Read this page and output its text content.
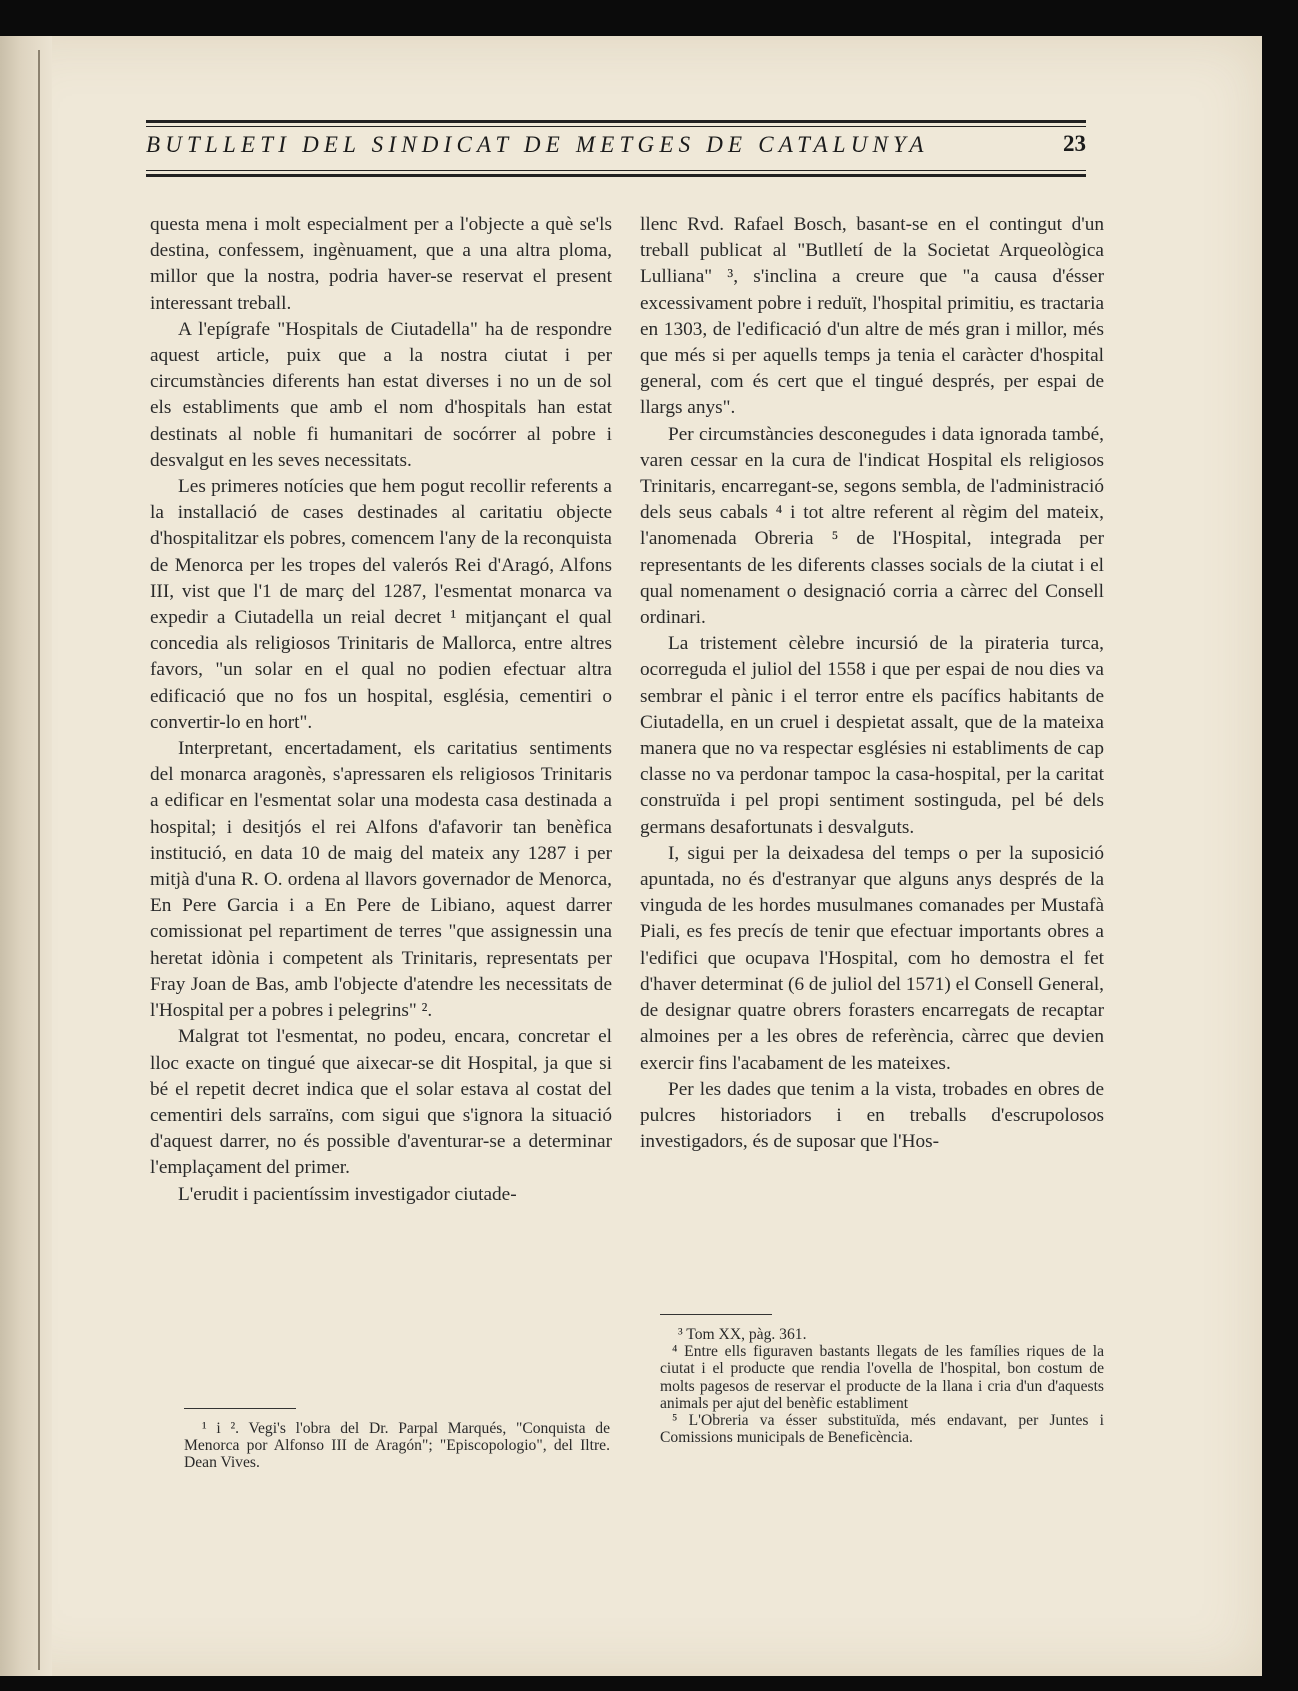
BUTLLETI DEL SINDICAT DE METGES DE CATALUNYA	23

questa mena i molt especialment per a l'objecte a què se'ls destina, confessem, ingènuament, que a una altra ploma, millor que la nostra, podria haver-se reservat el present interessant treball.

A l'epígrafe "Hospitals de Ciutadella" ha de respondre aquest article, puix que a la nostra ciutat i per circumstàncies diferents han estat diverses i no un de sol els establiments que amb el nom d'hospitals han estat destinats al noble fi humanitari de socórrer al pobre i desvalgut en les seves necessitats.

Les primeres notícies que hem pogut recollir referents a la installació de cases destinades al caritatiu objecte d'hospitalitzar els pobres, comencem l'any de la reconquista de Menorca per les tropes del valerós Rei d'Aragó, Alfons III, vist que l'1 de març del 1287, l'esmentat monarca va expedir a Ciutadella un reial decret ¹ mitjançant el qual concedia als religiosos Trinitaris de Mallorca, entre altres favors, "un solar en el qual no podien efectuar altra edificació que no fos un hospital, església, cementiri o convertir-lo en hort".

Interpretant, encertadament, els caritatius sentiments del monarca aragonès, s'apressaren els religiosos Trinitaris a edificar en l'esmentat solar una modesta casa destinada a hospital; i desitjós el rei Alfons d'afavorir tan benèfica institució, en data 10 de maig del mateix any 1287 i per mitjà d'una R. O. ordena al llavors governador de Menorca, En Pere Garcia i a En Pere de Libiano, aquest darrer comissionat pel repartiment de terres "que assignessin una heretat idònia i competent als Trinitaris, representats per Fray Joan de Bas, amb l'objecte d'atendre les necessitats de l'Hospital per a pobres i pelegrins" ².

Malgrat tot l'esmentat, no podeu, encara, concretar el lloc exacte on tingué que aixecar-se dit Hospital, ja que si bé el repetit decret indica que el solar estava al costat del cementiri dels sarraïns, com sigui que s'ignora la situació d'aquest darrer, no és possible d'aventurar-se a determinar l'emplaçament del primer.

L'erudit i pacientíssim investigador ciutade-

¹ i ². Vegi's l'obra del Dr. Parpal Marqués, "Conquista de Menorca por Alfonso III de Aragón"; "Episcopologio", del Iltre. Dean Vives.

llenc Rvd. Rafael Bosch, basant-se en el contingut d'un treball publicat al "Butlletí de la Societat Arqueològica Lulliana" ³, s'inclina a creure que "a causa d'ésser excessivament pobre i reduït, l'hospital primitiu, es tractaria en 1303, de l'edificació d'un altre de més gran i millor, més que més si per aquells temps ja tenia el caràcter d'hospital general, com és cert que el tingué després, per espai de llargs anys".

Per circumstàncies desconegudes i data ignorada també, varen cessar en la cura de l'indicat Hospital els religiosos Trinitaris, encarregant-se, segons sembla, de l'administració dels seus cabals ⁴ i tot altre referent al règim del mateix, l'anomenada Obreria ⁵ de l'Hospital, integrada per representants de les diferents classes socials de la ciutat i el qual nomenament o designació corria a càrrec del Consell ordinari.

La tristement cèlebre incursió de la pirateria turca, ocorreguda el juliol del 1558 i que per espai de nou dies va sembrar el pànic i el terror entre els pacífics habitants de Ciutadella, en un cruel i despietat assalt, que de la mateixa manera que no va respectar esglésies ni establiments de cap classe no va perdonar tampoc la casa-hospital, per la caritat construïda i pel propi sentiment sostinguda, pel bé dels germans desafortunats i desvalguts.

I, sigui per la deixadesa del temps o per la suposició apuntada, no és d'estranyar que alguns anys després de la vinguda de les hordes musulmanes comanades per Mustafà Piali, es fes precís de tenir que efectuar importants obres a l'edifici que ocupava l'Hospital, com ho demostra el fet d'haver determinat (6 de juliol del 1571) el Consell General, de designar quatre obrers forasters encarregats de recaptar almoines per a les obres de referència, càrrec que devien exercir fins l'acabament de les mateixes.

Per les dades que tenim a la vista, trobades en obres de pulcres historiadors i en treballs d'escrupolosos investigadors, és de suposar que l'Hos-

³ Tom XX, pàg. 361.

⁴ Entre ells figuraven bastants llegats de les famílies riques de la ciutat i el producte que rendia l'ovella de l'hospital, bon costum de molts pagesos de reservar el producte de la llana i cria d'un d'aquests animals per ajut del benèfic establiment

⁵ L'Obreria va ésser substituïda, més endavant, per Juntes i Comissions municipals de Beneficència.
